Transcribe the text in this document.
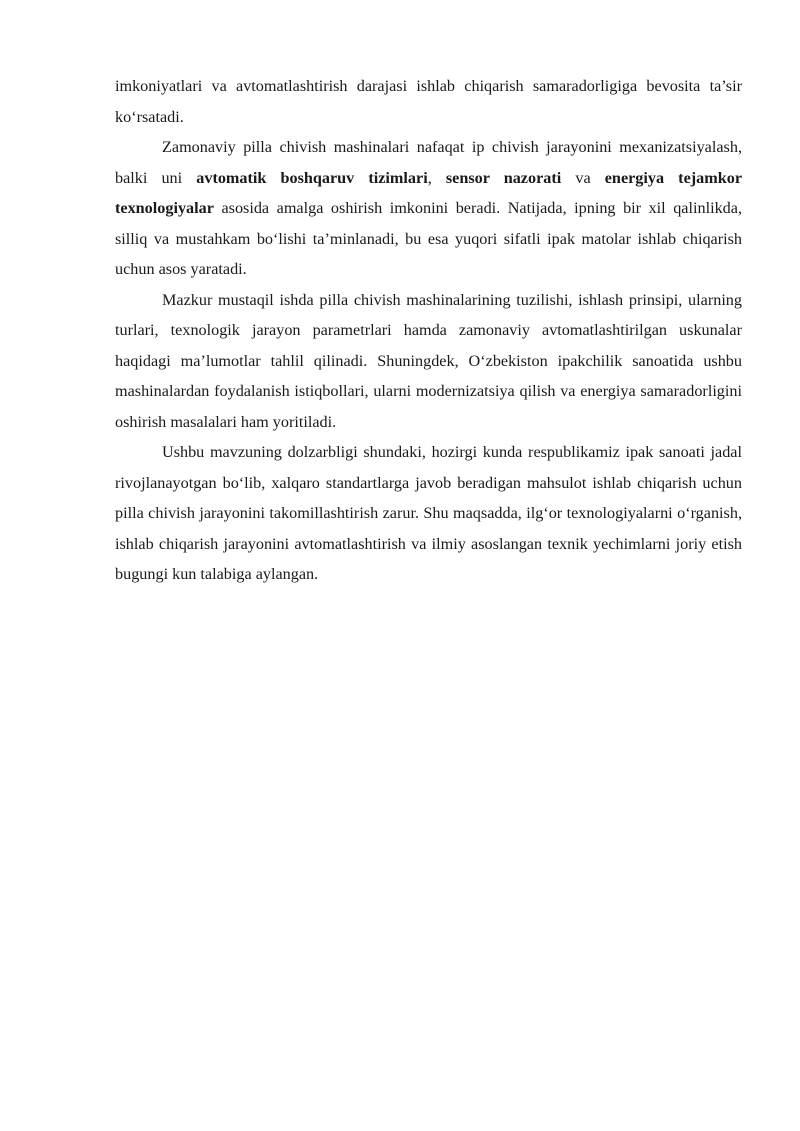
imkoniyatlari va avtomatlashtirish darajasi ishlab chiqarish samaradorligiga bevosita ta’sir ko‘rsatadi.

Zamonaviy pilla chivish mashinalari nafaqat ip chivish jarayonini mexanizatsiyalash, balki uni avtomatik boshqaruv tizimlari, sensor nazorati va energiya tejamkor texnologiyalar asosida amalga oshirish imkonini beradi. Natijada, ipning bir xil qalinlikda, silliq va mustahkam bo‘lishi ta’minlanadi, bu esa yuqori sifatli ipak matolar ishlab chiqarish uchun asos yaratadi.

Mazkur mustaqil ishda pilla chivish mashinalarining tuzilishi, ishlash prinsipi, ularning turlari, texnologik jarayon parametrlari hamda zamonaviy avtomatlashtirilgan uskunalar haqidagi ma’lumotlar tahlil qilinadi. Shuningdek, O‘zbekiston ipakchilik sanoatida ushbu mashinalardan foydalanish istiqbollari, ularni modernizatsiya qilish va energiya samaradorligini oshirish masalalari ham yoritiladi.

Ushbu mavzuning dolzarbligi shundaki, hozirgi kunda respublikamiz ipak sanoati jadal rivojlanayotgan bo‘lib, xalqaro standartlarga javob beradigan mahsulot ishlab chiqarish uchun pilla chivish jarayonini takomillashtirish zarur. Shu maqsadda, ilg‘or texnologiyalarni o‘rganish, ishlab chiqarish jarayonini avtomatlashtirish va ilmiy asoslangan texnik yechimlarni joriy etish bugungi kun talabiga aylangan.
